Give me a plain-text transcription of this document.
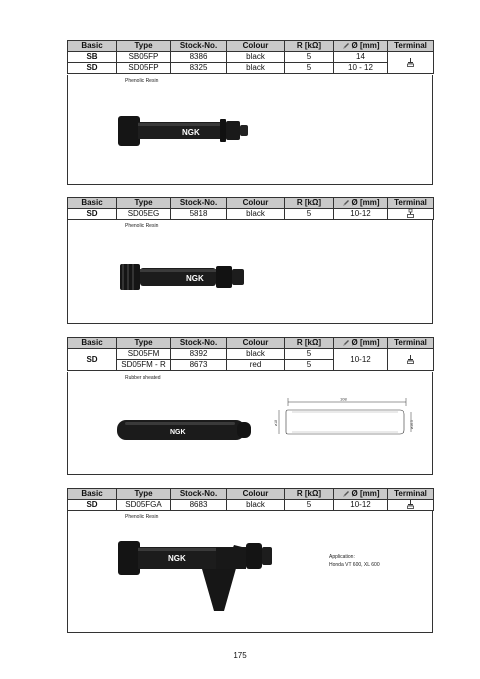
Basic	Type	Stock-No.	Colour	R [kΩ]	Ø [mm]	Terminal
SB	SB05FP	8386	black	5	14	
SD	SD05FP	8325	black	5	10 - 12	
Phenolic Resin
NGK
Basic	Type	Stock-No.	Colour	R [kΩ]	Ø [mm]	Terminal
SD	SD05EG	5818	black	5	10-12	
Phenolic Resin
NGK
Basic	Type	Stock-No.	Colour	R [kΩ]	Ø [mm]	Terminal
SD	SD05FM	8392	black	5	10-12	
	SD05FM - R	8673	red	5		
Rubber sheated
NGK
108
ø18	ø16.5
Basic	Type	Stock-No.	Colour	R [kΩ]	Ø [mm]	Terminal
SD	SD05FGA	8683	black	5	10-12	
Phenolic Resin
NGK	Application:
Honda VT 600, XL 600
175
